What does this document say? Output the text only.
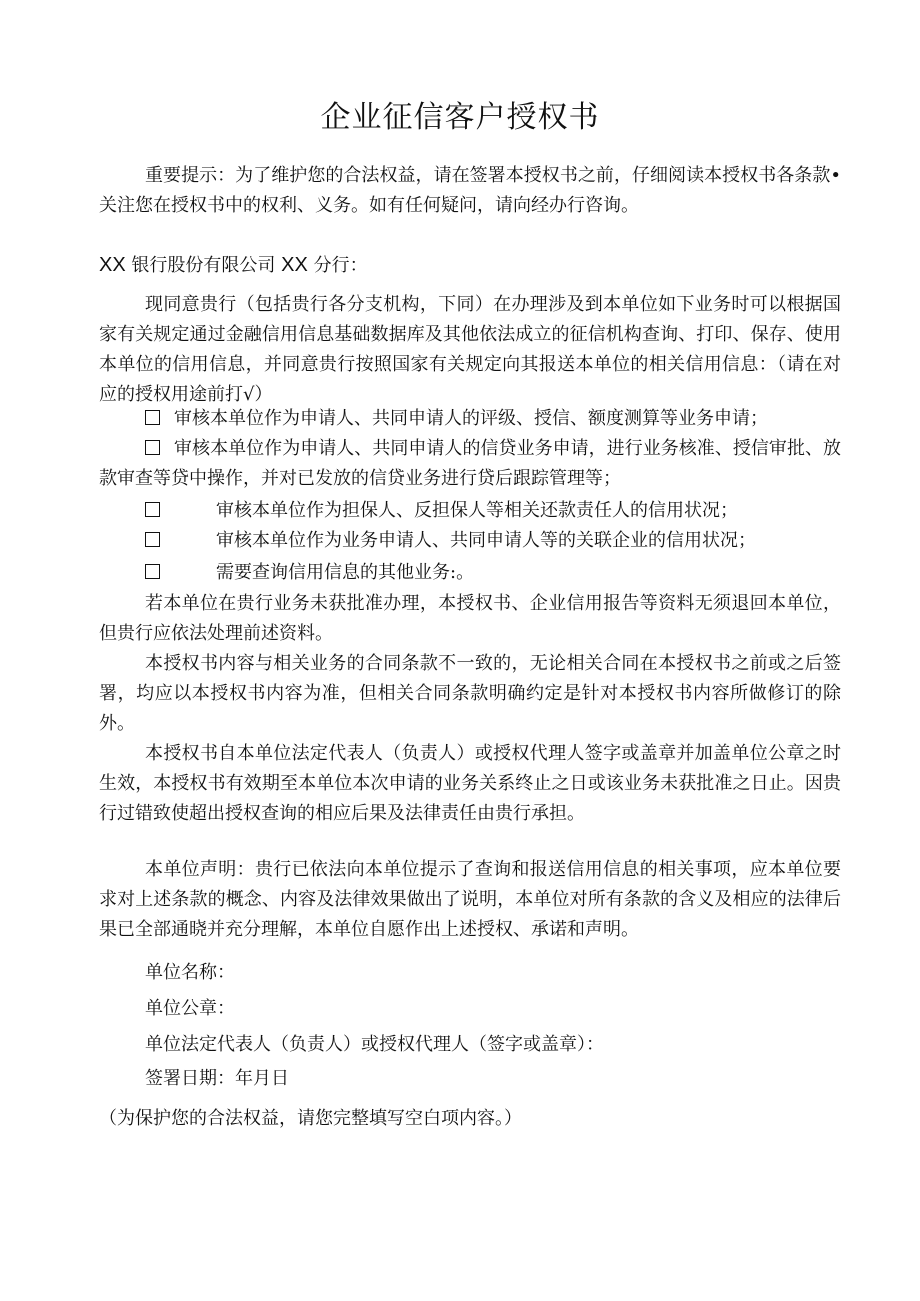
企业征信客户授权书

重要提示：为了维护您的合法权益，请在签署本授权书之前，仔细阅读本授权书各条款•关注您在授权书中的权利、义务。如有任何疑问，请向经办行咨询。

XX 银行股份有限公司 XX 分行：

现同意贵行（包括贵行各分支机构，下同）在办理涉及到本单位如下业务时可以根据国家有关规定通过金融信用信息基础数据库及其他依法成立的征信机构查询、打印、保存、使用本单位的信用信息，并同意贵行按照国家有关规定向其报送本单位的相关信用信息：（请在对应的授权用途前打√）

审核本单位作为申请人、共同申请人的评级、授信、额度测算等业务申请；

审核本单位作为申请人、共同申请人的信贷业务申请，进行业务核准、授信审批、放款审查等贷中操作，并对已发放的信贷业务进行贷后跟踪管理等；

审核本单位作为担保人、反担保人等相关还款责任人的信用状况；

审核本单位作为业务申请人、共同申请人等的关联企业的信用状况；

需要查询信用信息的其他业务:。

若本单位在贵行业务未获批准办理，本授权书、企业信用报告等资料无须退回本单位，但贵行应依法处理前述资料。

本授权书内容与相关业务的合同条款不一致的，无论相关合同在本授权书之前或之后签署，均应以本授权书内容为准，但相关合同条款明确约定是针对本授权书内容所做修订的除外。

本授权书自本单位法定代表人（负责人）或授权代理人签字或盖章并加盖单位公章之时生效，本授权书有效期至本单位本次申请的业务关系终止之日或该业务未获批准之日止。因贵行过错致使超出授权查询的相应后果及法律责任由贵行承担。

本单位声明：贵行已依法向本单位提示了查询和报送信用信息的相关事项，应本单位要求对上述条款的概念、内容及法律效果做出了说明，本单位对所有条款的含义及相应的法律后果已全部通晓并充分理解，本单位自愿作出上述授权、承诺和声明。

单位名称：

单位公章：

单位法定代表人（负责人）或授权代理人（签字或盖章）：

签署日期：年月日

（为保护您的合法权益，请您完整填写空白项内容。）
